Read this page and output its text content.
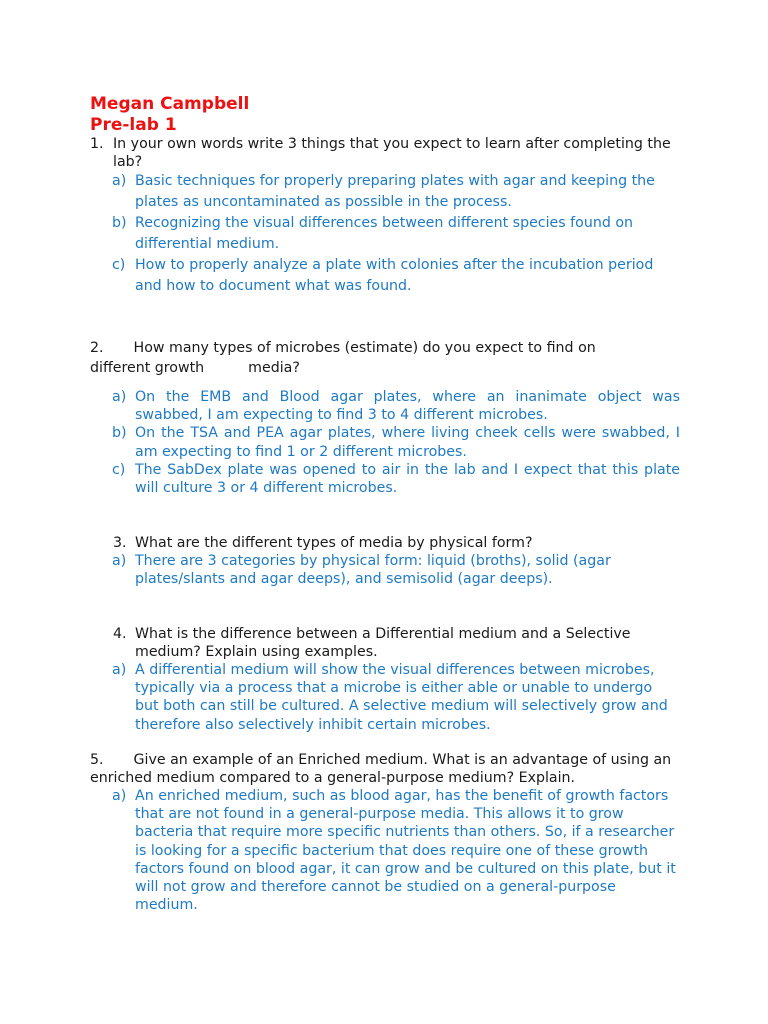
Megan Campbell
Pre-lab 1
1. In your own words write 3 things that you expect to learn after completing the lab?
a) Basic techniques for properly preparing plates with agar and keeping the plates as uncontaminated as possible in the process.
b) Recognizing the visual differences between different species found on differential medium.
c) How to properly analyze a plate with colonies after the incubation period and how to document what was found.
2. How many types of microbes (estimate) do you expect to find on different growth	media?
a) On the EMB and Blood agar plates, where an inanimate object was swabbed, I am expecting to find 3 to 4 different microbes.
b) On the TSA and PEA agar plates, where living cheek cells were swabbed, I am expecting to find 1 or 2 different microbes.
c) The SabDex plate was opened to air in the lab and I expect that this plate will culture 3 or 4 different microbes.
3. What are the different types of media by physical form?
a) There are 3 categories by physical form: liquid (broths), solid (agar plates/slants and agar deeps), and semisolid (agar deeps).
4. What is the difference between a Differential medium and a Selective medium? Explain using examples.
a) A differential medium will show the visual differences between microbes, typically via a process that a microbe is either able or unable to undergo but both can still be cultured. A selective medium will selectively grow and therefore also selectively inhibit certain microbes.
5. Give an example of an Enriched medium. What is an advantage of using an enriched medium compared to a general-purpose medium? Explain.
a) An enriched medium, such as blood agar, has the benefit of growth factors that are not found in a general-purpose media. This allows it to grow bacteria that require more specific nutrients than others. So, if a researcher is looking for a specific bacterium that does require one of these growth factors found on blood agar, it can grow and be cultured on this plate, but it will not grow and therefore cannot be studied on a general-purpose medium.
